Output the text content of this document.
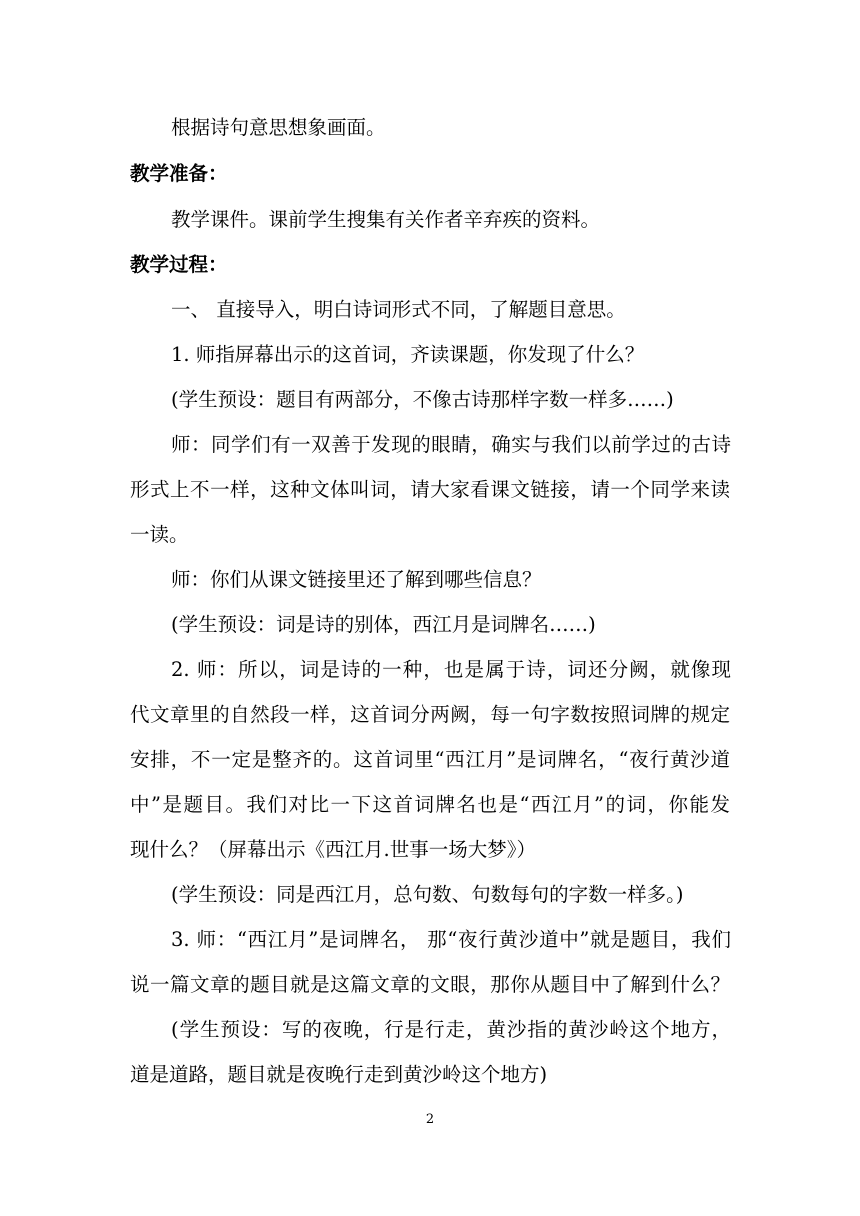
根据诗句意思想象画面。
教学准备：
教学课件。课前学生搜集有关作者辛弃疾的资料。
教学过程：
一、 直接导入，明白诗词形式不同，了解题目意思。
1. 师指屏幕出示的这首词，齐读课题，你发现了什么？
(学生预设：题目有两部分，不像古诗那样字数一样多……)
师：同学们有一双善于发现的眼睛，确实与我们以前学过的古诗
形式上不一样，这种文体叫词，请大家看课文链接，请一个同学来读
一读。
师：你们从课文链接里还了解到哪些信息？
(学生预设：词是诗的别体，西江月是词牌名……)
2. 师：所以，词是诗的一种，也是属于诗，词还分阙，就像现
代文章里的自然段一样，这首词分两阙，每一句字数按照词牌的规定
安排，不一定是整齐的。这首词里“西江月”是词牌名，“夜行黄沙道
中”是题目。我们对比一下这首词牌名也是“西江月”的词，你能发
现什么？（屏幕出示《西江月.世事一场大梦》）
(学生预设：同是西江月，总句数、句数每句的字数一样多。)
3. 师：“西江月”是词牌名， 那“夜行黄沙道中”就是题目，我们
说一篇文章的题目就是这篇文章的文眼，那你从题目中了解到什么？
(学生预设：写的夜晚，行是行走，黄沙指的黄沙岭这个地方，
道是道路，题目就是夜晚行走到黄沙岭这个地方)
2
